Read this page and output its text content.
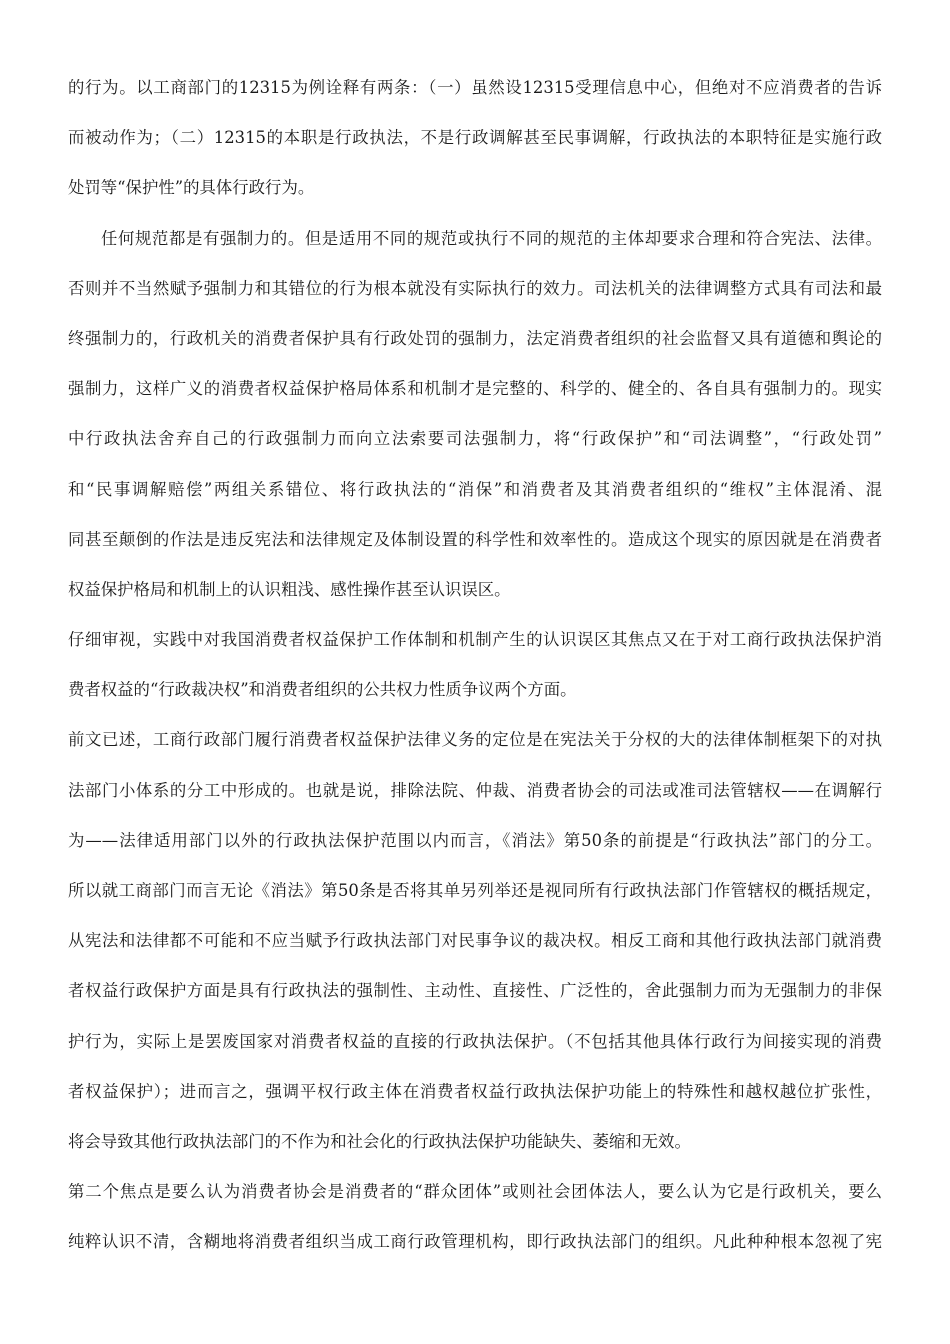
的行为。以工商部门的12315为例诠释有两条：（一）虽然设12315受理信息中心，但绝对不应消费者的告诉
而被动作为；（二）12315的本职是行政执法，不是行政调解甚至民事调解，行政执法的本职特征是实施行政
处罚等“保护性”的具体行政行为。
任何规范都是有强制力的。但是适用不同的规范或执行不同的规范的主体却要求合理和符合宪法、法律。
否则并不当然赋予强制力和其错位的行为根本就没有实际执行的效力。司法机关的法律调整方式具有司法和最
终强制力的，行政机关的消费者保护具有行政处罚的强制力，法定消费者组织的社会监督又具有道德和舆论的
强制力，这样广义的消费者权益保护格局体系和机制才是完整的、科学的、健全的、各自具有强制力的。现实
中行政执法舍弃自己的行政强制力而向立法索要司法强制力，将“行政保护”和“司法调整”，“行政处罚”
和“民事调解赔偿”两组关系错位、将行政执法的“消保”和消费者及其消费者组织的“维权”主体混淆、混
同甚至颠倒的作法是违反宪法和法律规定及体制设置的科学性和效率性的。造成这个现实的原因就是在消费者
权益保护格局和机制上的认识粗浅、感性操作甚至认识误区。
仔细审视，实践中对我国消费者权益保护工作体制和机制产生的认识误区其焦点又在于对工商行政执法保护消
费者权益的“行政裁决权”和消费者组织的公共权力性质争议两个方面。
前文已述，工商行政部门履行消费者权益保护法律义务的定位是在宪法关于分权的大的法律体制框架下的对执
法部门小体系的分工中形成的。也就是说，排除法院、仲裁、消费者协会的司法或准司法管辖权——在调解行
为——法律适用部门以外的行政执法保护范围以内而言，《消法》第50条的前提是“行政执法”部门的分工。
所以就工商部门而言无论《消法》第50条是否将其单另列举还是视同所有行政执法部门作管辖权的概括规定，
从宪法和法律都不可能和不应当赋予行政执法部门对民事争议的裁决权。相反工商和其他行政执法部门就消费
者权益行政保护方面是具有行政执法的强制性、主动性、直接性、广泛性的，舍此强制力而为无强制力的非保
护行为，实际上是罢废国家对消费者权益的直接的行政执法保护。（不包括其他具体行政行为间接实现的消费
者权益保护）；进而言之，强调平权行政主体在消费者权益行政执法保护功能上的特殊性和越权越位扩张性，
将会导致其他行政执法部门的不作为和社会化的行政执法保护功能缺失、萎缩和无效。
第二个焦点是要么认为消费者协会是消费者的“群众团体”或则社会团体法人，要么认为它是行政机关，要么
纯粹认识不清，含糊地将消费者组织当成工商行政管理机构，即行政执法部门的组织。凡此种种根本忽视了宪
